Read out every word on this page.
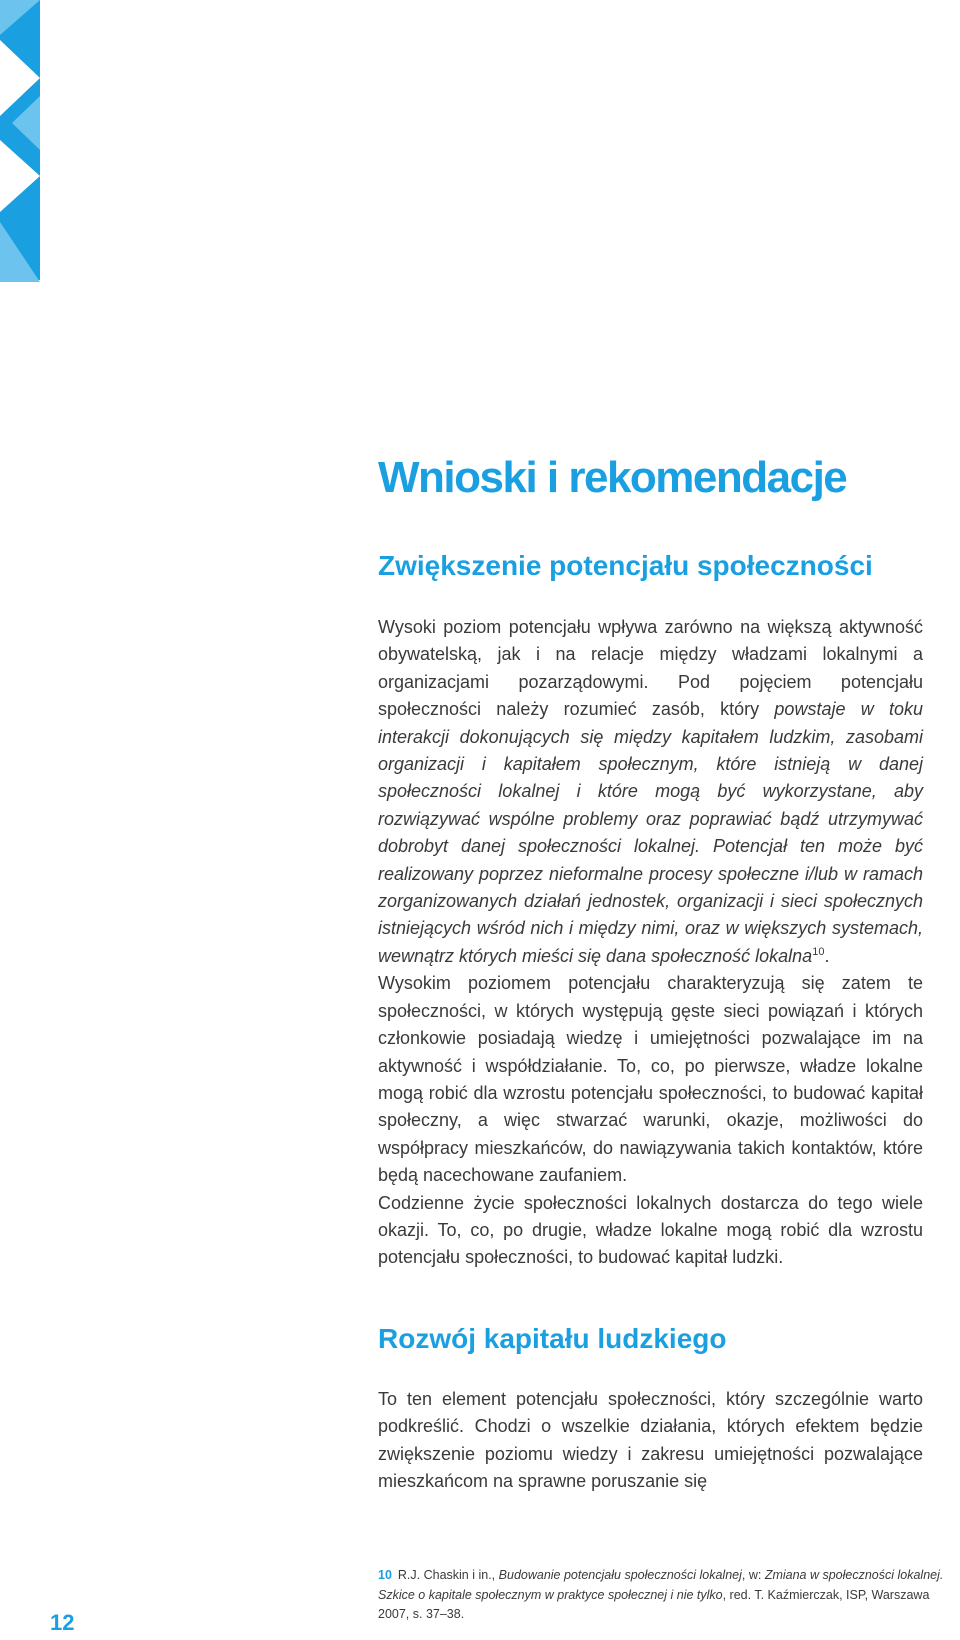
Wnioski i rekomendacje
Zwiększenie potencjału społeczności

Wysoki poziom potencjału wpływa zarówno na większą aktywność obywatelską, jak i na relacje między władzami lokalnymi a organizacjami pozarządowymi. Pod pojęciem potencjału społeczności należy rozumieć zasób, który powstaje w toku interakcji dokonujących się między kapitałem ludzkim, zasobami organizacji i kapitałem społecznym, które istnieją w danej społeczności lokalnej i które mogą być wykorzystane, aby rozwiązywać wspólne problemy oraz poprawiać bądź utrzymywać dobrobyt danej społeczności lokalnej. Potencjał ten może być realizowany poprzez nieformalne procesy społeczne i/lub w ramach zorganizowanych działań jednostek, organizacji i sieci społecznych istniejących wśród nich i między nimi, oraz w większych systemach, wewnątrz których mieści się dana społeczność lokalna$^{10}$.

Wysokim poziomem potencjału charakteryzują się zatem te społeczności, w których występują gęste sieci powiązań i których członkowie posiadają wiedzę i umiejętności pozwalające im na aktywność i współdziałanie. To, co, po pierwsze, władze lokalne mogą robić dla wzrostu potencjału społeczności, to budować kapitał społeczny, a więc stwarzać warunki, okazje, możliwości do współpracy mieszkańców, do nawiązywania takich kontaktów, które będą nacechowane zaufaniem.

Codzienne życie społeczności lokalnych dostarcza do tego wiele okazji. To, co, po drugie, władze lokalne mogą robić dla wzrostu potencjału społeczności, to budować kapitał ludzki.

Rozwój kapitału ludzkiego

To ten element potencjału społeczności, który szczególnie warto podkreślić. Chodzi o wszelkie działania, których efektem będzie zwiększenie poziomu wiedzy i zakresu umiejętności pozwalające mieszkańcom na sprawne poruszanie się

10 R.J. Chaskin i in., Budowanie potencjału społeczności lokalnej, w: Zmiana w społeczności lokalnej. Szkice o kapitale społecznym w praktyce społecznej i nie tylko, red. T. Kaźmierczak, ISP, Warszawa 2007, s. 37–38.

12
